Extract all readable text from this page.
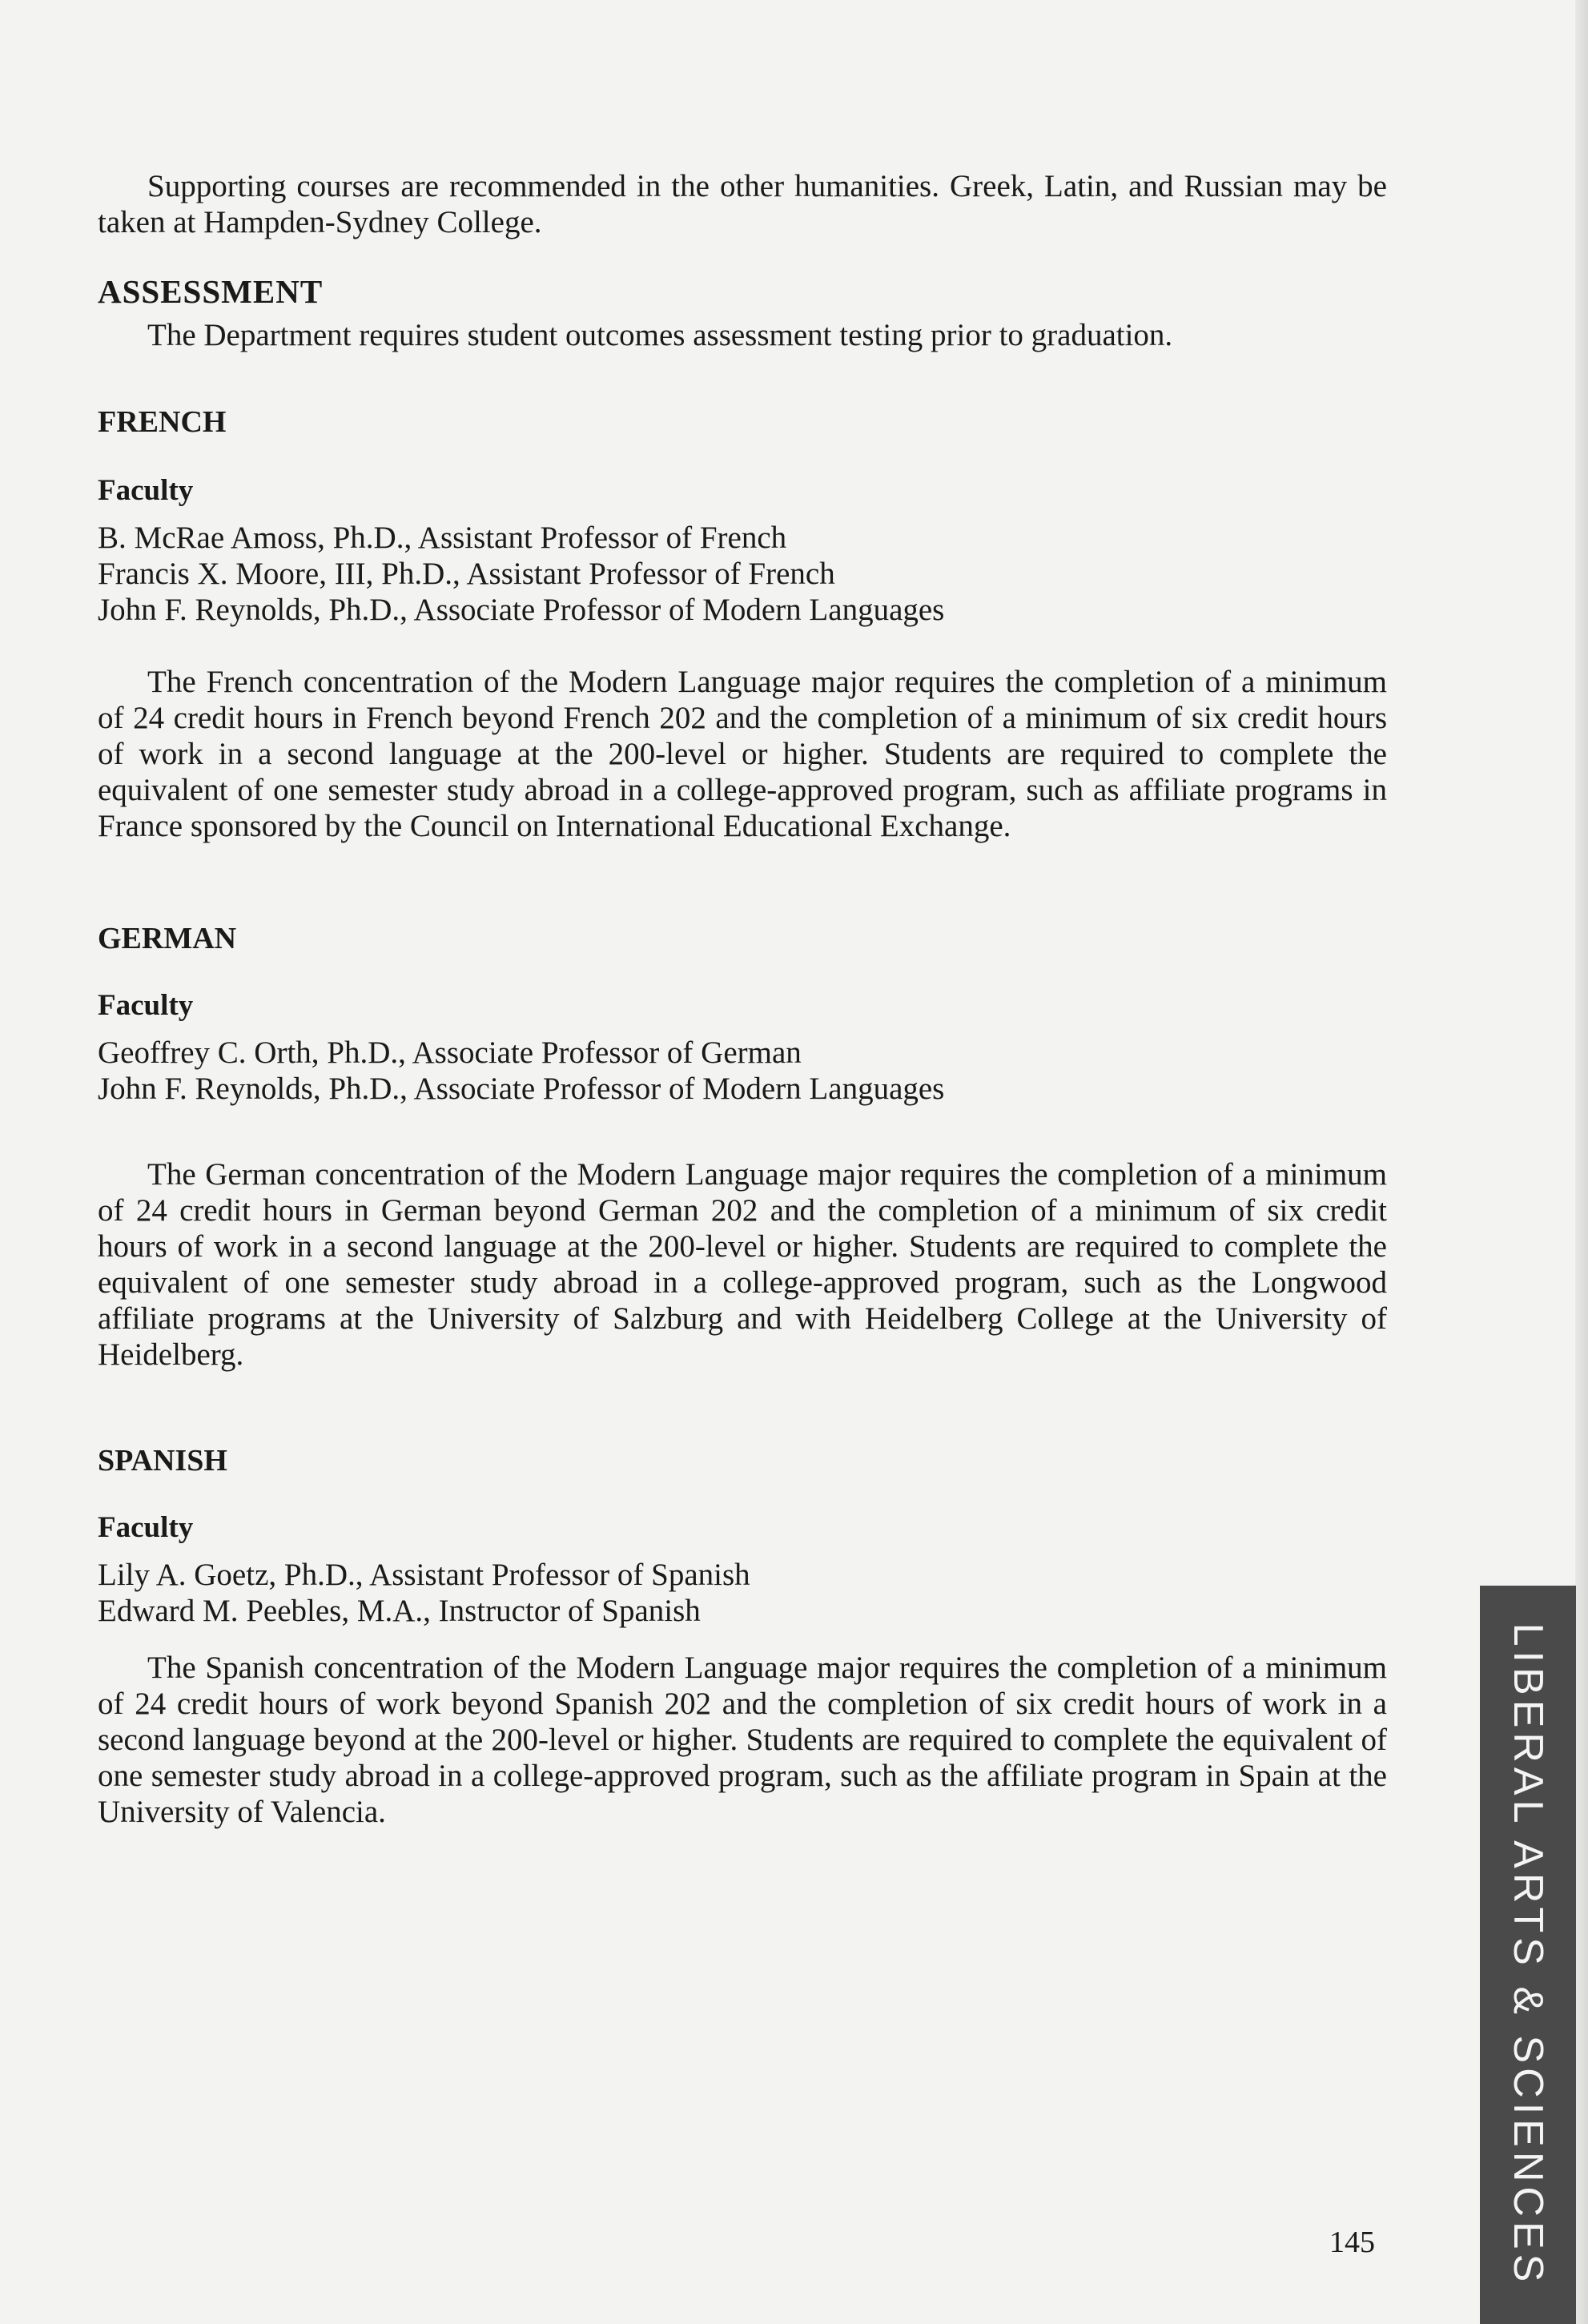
Supporting courses are recommended in the other humanities. Greek, Latin, and Russian may be taken at Hampden-Sydney College.

ASSESSMENT

The Department requires student outcomes assessment testing prior to graduation.

FRENCH
Faculty
B. McRae Amoss, Ph.D., Assistant Professor of French
Francis X. Moore, III, Ph.D., Assistant Professor of French
John F. Reynolds, Ph.D., Associate Professor of Modern Languages

The French concentration of the Modern Language major requires the completion of a minimum of 24 credit hours in French beyond French 202 and the completion of a minimum of six credit hours of work in a second language at the 200-level or higher. Students are required to complete the equivalent of one semester study abroad in a college-approved program, such as affiliate programs in France sponsored by the Council on International Educational Exchange.

GERMAN
Faculty
Geoffrey C. Orth, Ph.D., Associate Professor of German
John F. Reynolds, Ph.D., Associate Professor of Modern Languages

The German concentration of the Modern Language major requires the completion of a minimum of 24 credit hours in German beyond German 202 and the completion of a minimum of six credit hours of work in a second language at the 200-level or higher. Students are required to complete the equivalent of one semester study abroad in a college-approved program, such as the Longwood affiliate programs at the University of Salzburg and with Heidelberg College at the University of Heidelberg.

SPANISH
Faculty
Lily A. Goetz, Ph.D., Assistant Professor of Spanish
Edward M. Peebles, M.A., Instructor of Spanish

The Spanish concentration of the Modern Language major requires the completion of a minimum of 24 credit hours of work beyond Spanish 202 and the completion of six credit hours of work in a second language beyond at the 200-level or higher. Students are required to complete the equivalent of one semester study abroad in a college-approved program, such as the affiliate program in Spain at the University of Valencia.	LIBERAL ARTS & SCIENCES
145
